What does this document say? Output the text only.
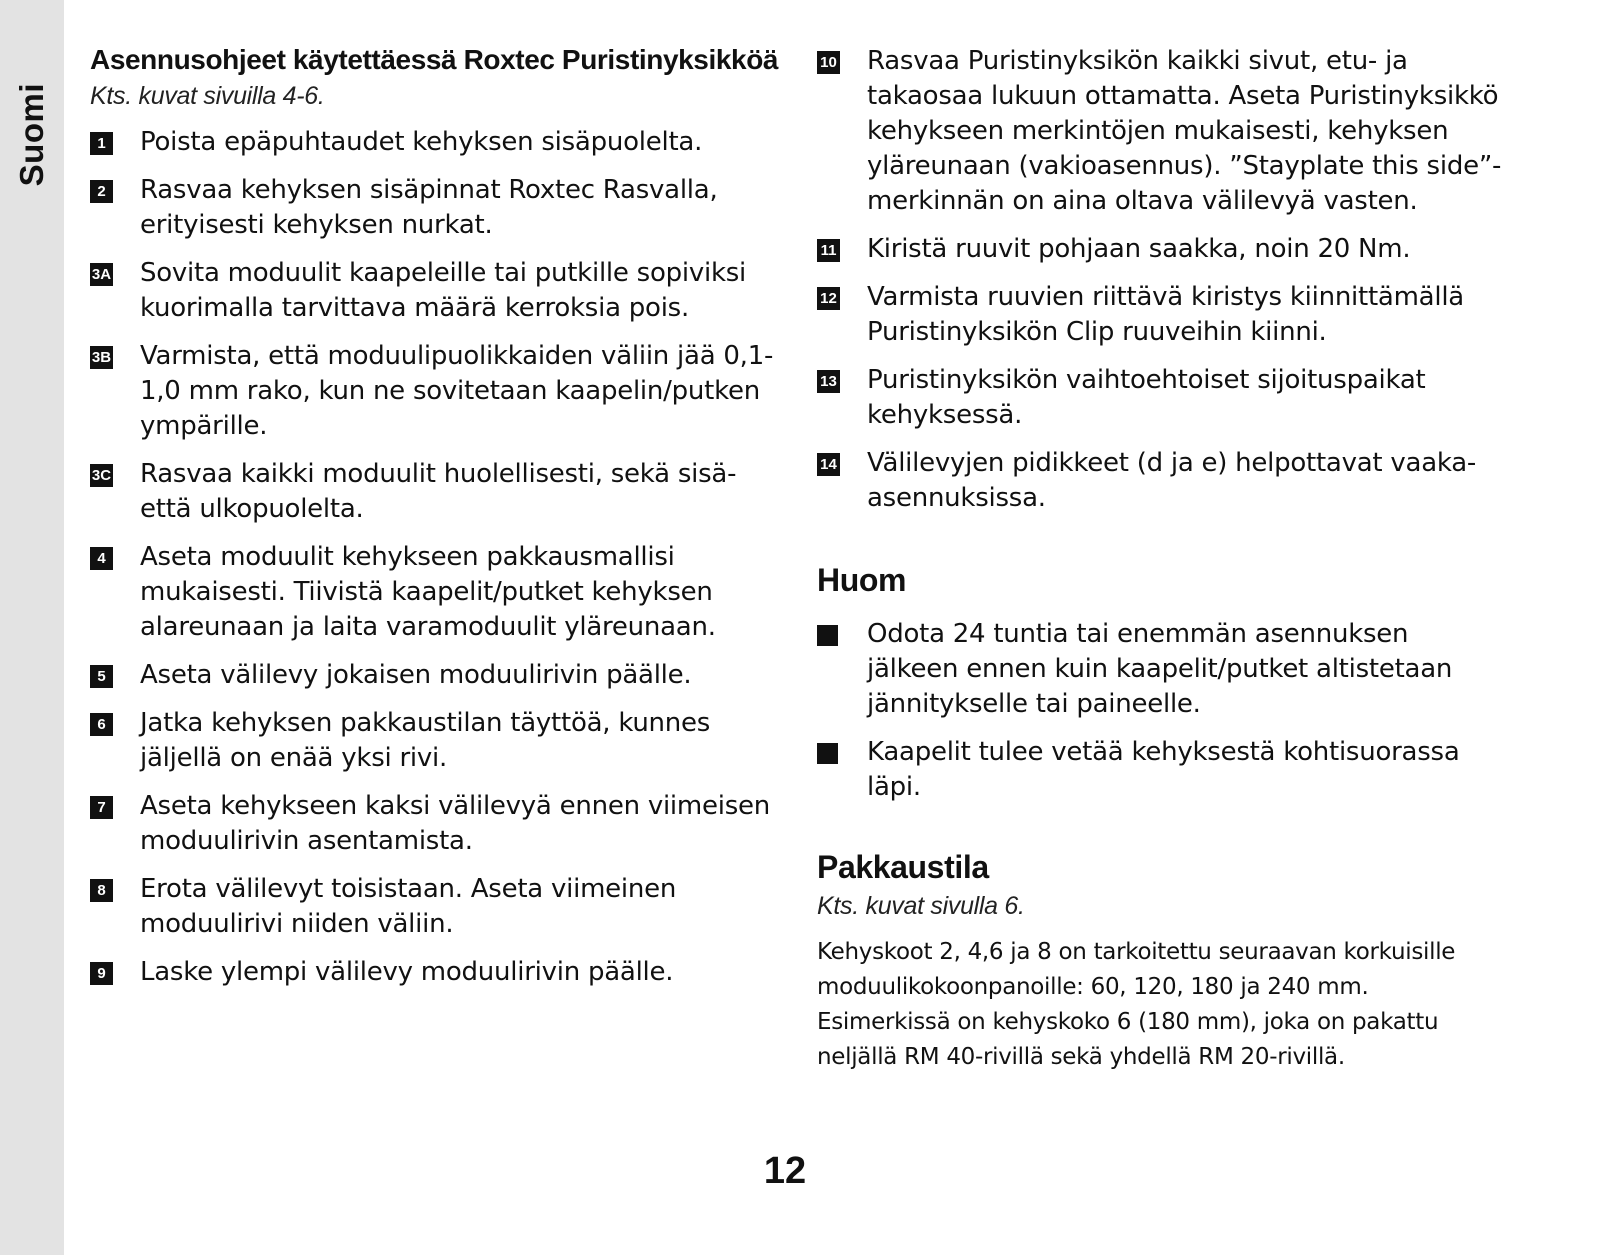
Suomi
Asennusohjeet käytettäessä Roxtec Puristinyksikköä
Kts. kuvat sivuilla 4-6.
1 Poista epäpuhtaudet kehyksen sisäpuolelta.
2 Rasvaa kehyksen sisäpinnat Roxtec Rasvalla, erityisesti kehyksen nurkat.
3A Sovita moduulit kaapeleille tai putkille sopiviksi kuorimalla tarvittava määrä kerroksia pois.
3B Varmista, että moduulipuolikkaiden väliin jää 0,1-1,0 mm rako, kun ne sovitetaan kaapelin/putken ympärille.
3C Rasvaa kaikki moduulit huolellisesti, sekä sisä- että ulkopuolelta.
4 Aseta moduulit kehykseen pakkausmallisi mukaisesti. Tiivistä kaapelit/putket kehyksen alareunaan ja laita varamoduulit yläreunaan.
5 Aseta välilevy jokaisen moduulirivin päälle.
6 Jatka kehyksen pakkaustilan täyttöä, kunnes jäljellä on enää yksi rivi.
7 Aseta kehykseen kaksi välilevyä ennen viimeisen moduulirivin asentamista.
8 Erota välilevyt toisistaan. Aseta viimeinen moduulirivi niiden väliin.
9 Laske ylempi välilevy moduulirivin päälle.
10 Rasvaa Puristinyksikön kaikki sivut, etu- ja takaosaa lukuun ottamatta. Aseta Puristinyksikkö kehykseen merkintöjen mukaisesti, kehyksen yläreunaan (vakioasennus). ”Stayplate this side”-merkinnän on aina oltava välilevyä vasten.
11 Kiristä ruuvit pohjaan saakka, noin 20 Nm.
12 Varmista ruuvien riittävä kiristys kiinnittämällä Puristinyksikön Clip ruuveihin kiinni.
13 Puristinyksikön vaihtoehtoiset sijoituspaikat kehyksessä.
14 Välilevyjen pidikkeet (d ja e) helpottavat vaaka-asennuksissa.
Huom
Odota 24 tuntia tai enemmän asennuksen jälkeen ennen kuin kaapelit/putket altistetaan jännitykselle tai paineelle.
Kaapelit tulee vetää kehyksestä kohtisuorassa läpi.
Pakkaustila
Kts. kuvat sivulla 6.

Kehyskoot 2, 4,6 ja 8 on tarkoitettu seuraavan korkuisille moduulikokoonpanoille: 60, 120, 180 ja 240 mm. Esimerkissä on kehyskoko 6 (180 mm), joka on pakattu neljällä RM 40-rivillä sekä yhdellä RM 20-rivillä.

12
